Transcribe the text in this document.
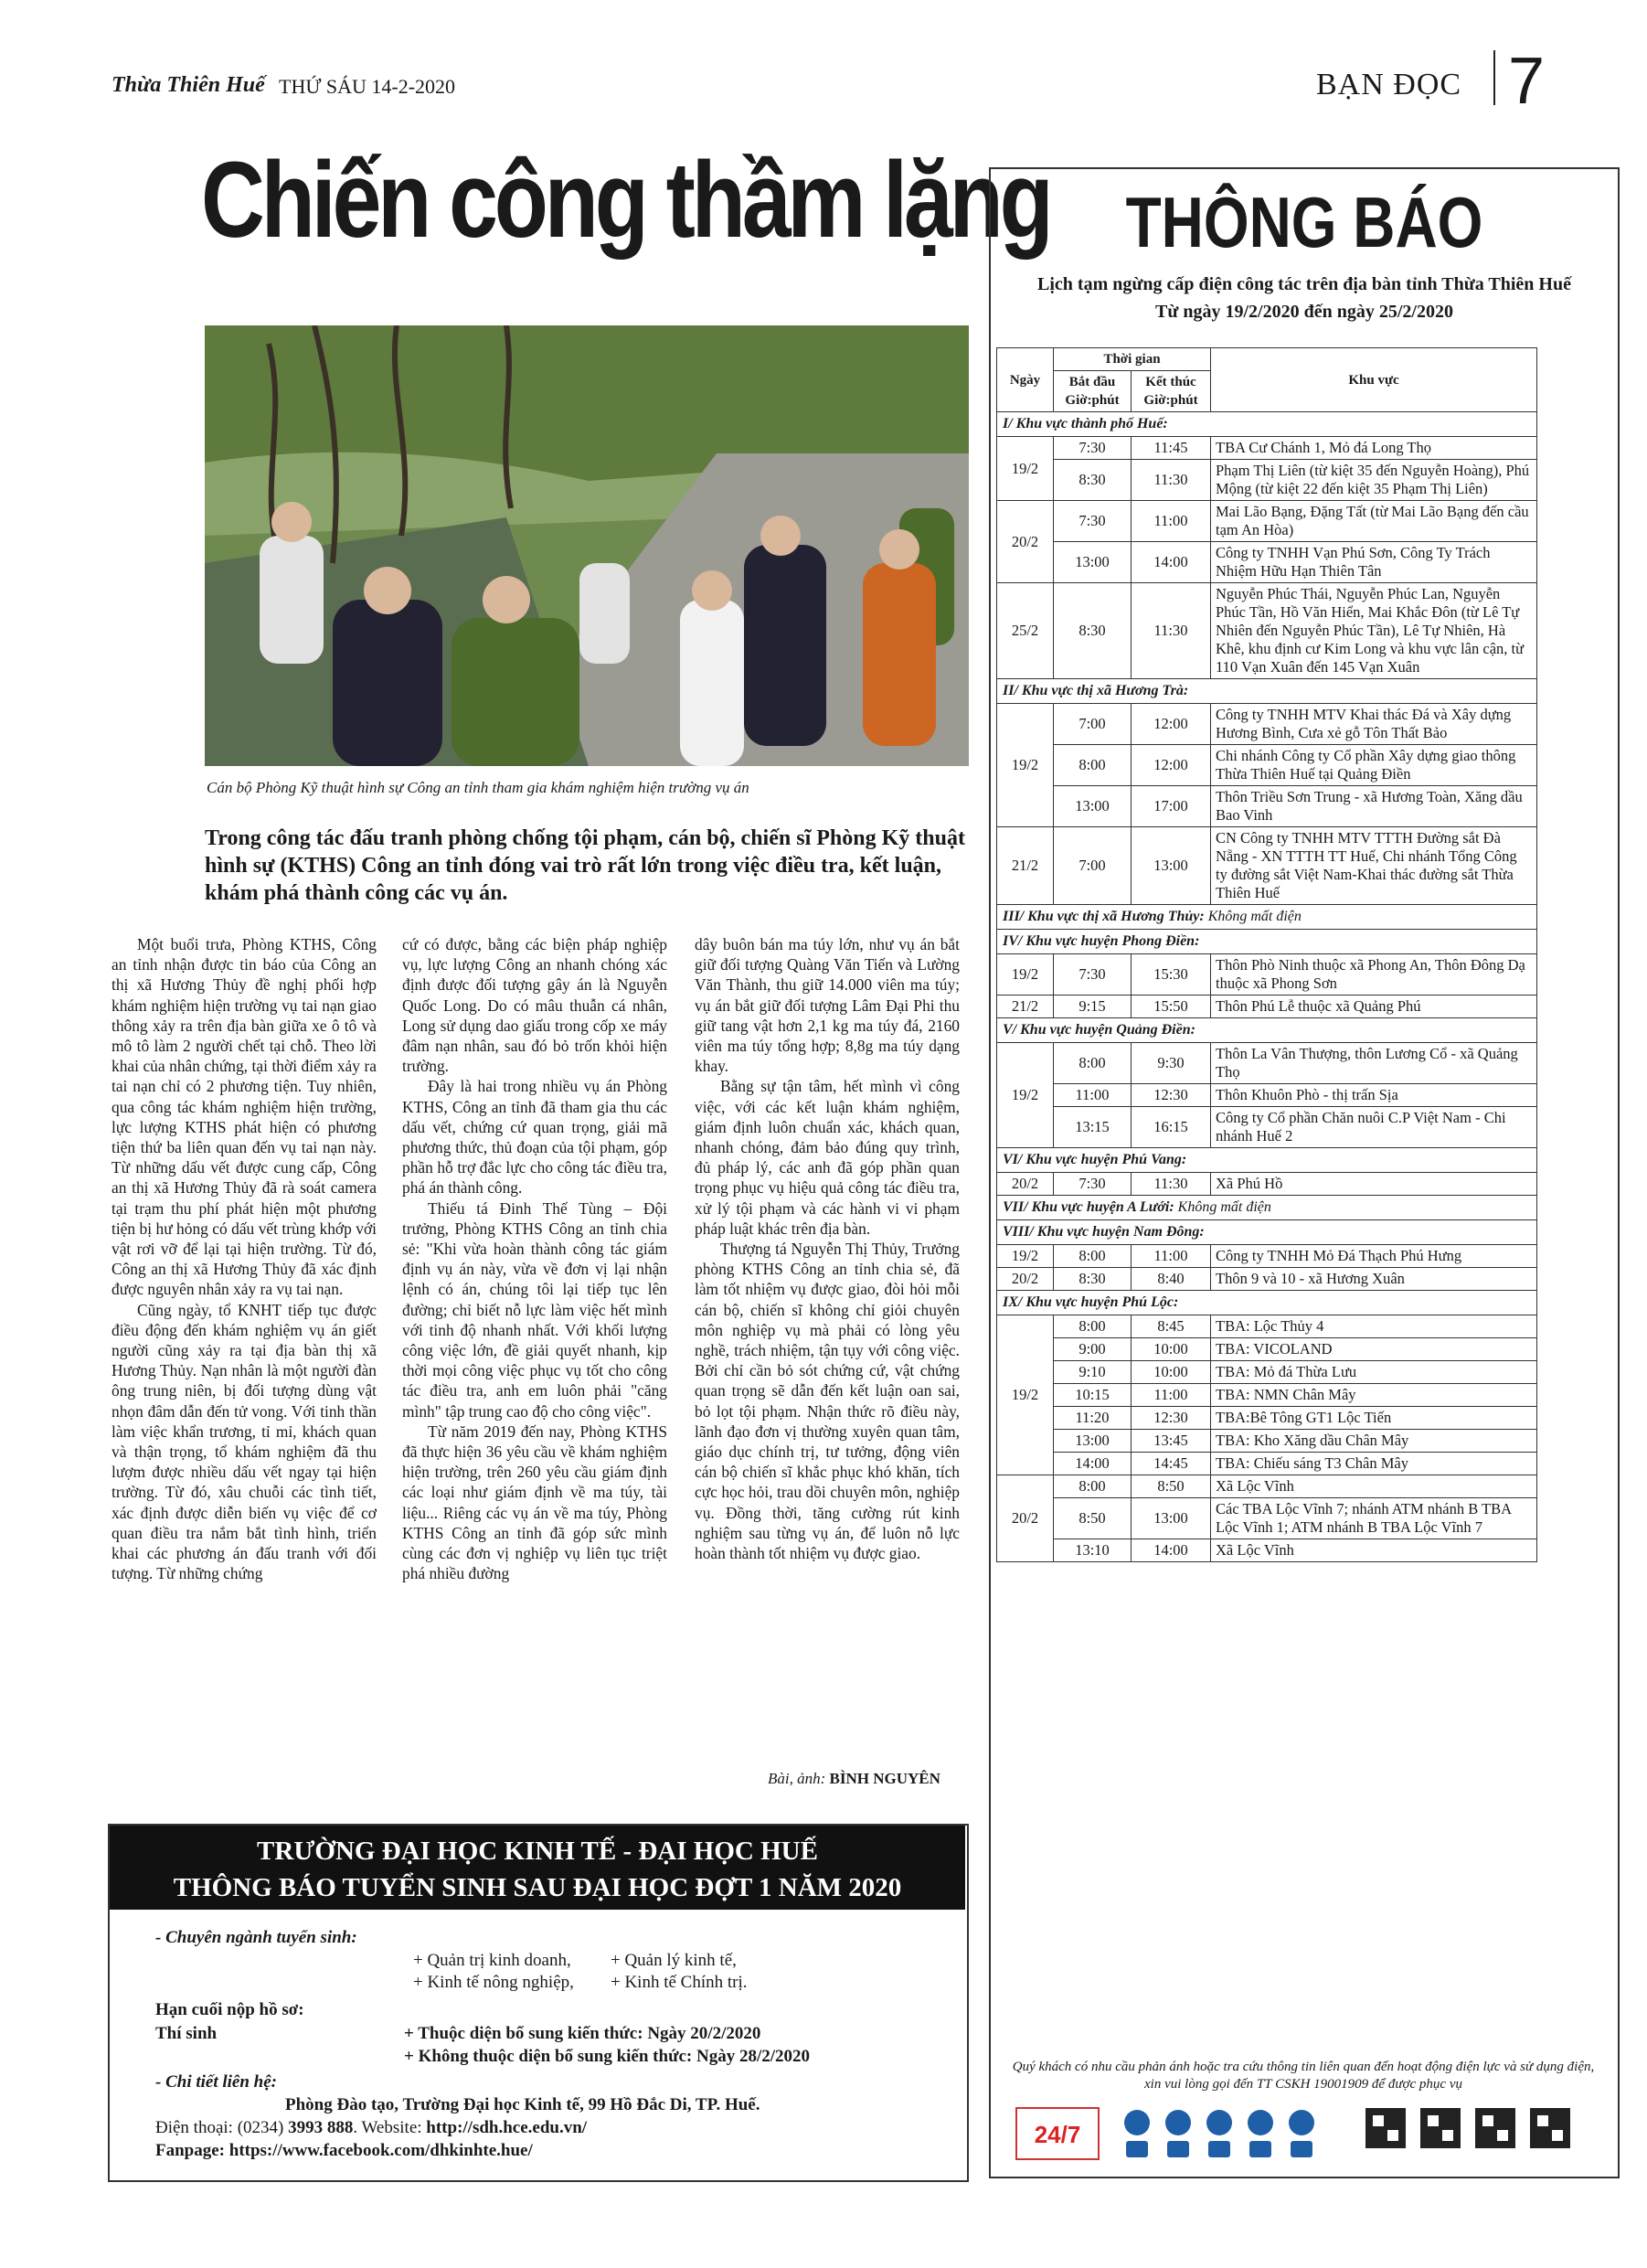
Thừa Thiên Huế THỨ SÁU 14-2-2020	BẠN ĐỌC 7
Chiến công thầm lặng
Cán bộ Phòng Kỹ thuật hình sự Công an tỉnh tham gia khám nghiệm hiện trường vụ án
Trong công tác đấu tranh phòng chống tội phạm, cán bộ, chiến sĩ Phòng Kỹ thuật hình sự (KTHS) Công an tỉnh đóng vai trò rất lớn trong việc điều tra, kết luận, khám phá thành công các vụ án.

Một buổi trưa, Phòng KTHS, Công an tỉnh nhận được tin báo của Công an thị xã Hương Thủy đề nghị phối hợp khám nghiệm hiện trường vụ tai nạn giao thông xảy ra trên địa bàn giữa xe ô tô và mô tô làm 2 người chết tại chỗ. Theo lời khai của nhân chứng, tại thời điểm xảy ra tai nạn chỉ có 2 phương tiện. Tuy nhiên, qua công tác khám nghiệm hiện trường, lực lượng KTHS phát hiện có phương tiện thứ ba liên quan đến vụ tai nạn này. Từ những dấu vết được cung cấp, Công an thị xã Hương Thủy đã rà soát camera tại trạm thu phí phát hiện một phương tiện bị hư hỏng có dấu vết trùng khớp với vật rơi vỡ để lại tại hiện trường. Từ đó, Công an thị xã Hương Thủy đã xác định được nguyên nhân xảy ra vụ tai nạn.

Cũng ngày, tổ KNHT tiếp tục được điều động đến khám nghiệm vụ án giết người cũng xảy ra tại địa bàn thị xã Hương Thủy. Nạn nhân là một người đàn ông trung niên, bị đối tượng dùng vật nhọn đâm dẫn đến tử vong. Với tinh thần làm việc khẩn trương, tỉ mỉ, khách quan và thận trọng, tổ khám nghiệm đã thu lượm được nhiều dấu vết ngay tại hiện trường. Từ đó, xâu chuỗi các tình tiết, xác định được diễn biến vụ việc để cơ quan điều tra nắm bắt tình hình, triển khai các phương án đấu tranh với đối tượng. Từ những chứng

cứ có được, bằng các biện pháp nghiệp vụ, lực lượng Công an nhanh chóng xác định được đối tượng gây án là Nguyễn Quốc Long. Do có mâu thuẫn cá nhân, Long sử dụng dao giấu trong cốp xe máy đâm nạn nhân, sau đó bỏ trốn khỏi hiện trường.

Đây là hai trong nhiều vụ án Phòng KTHS, Công an tỉnh đã tham gia thu các dấu vết, chứng cứ quan trọng, giải mã phương thức, thủ đoạn của tội phạm, góp phần hỗ trợ đắc lực cho công tác điều tra, phá án thành công.

Thiếu tá Đinh Thế Tùng – Đội trưởng, Phòng KTHS Công an tỉnh chia sẻ: "Khi vừa hoàn thành công tác giám định vụ án này, vừa về đơn vị lại nhận lệnh có án, chúng tôi lại tiếp tục lên đường; chỉ biết nỗ lực làm việc hết mình với tinh độ nhanh nhất. Với khối lượng công việc lớn, đề giải quyết nhanh, kịp thời mọi công việc phục vụ tốt cho công tác điều tra, anh em luôn phải "căng mình" tập trung cao độ cho công việc".

Từ năm 2019 đến nay, Phòng KTHS đã thực hiện 36 yêu cầu về khám nghiệm hiện trường, trên 260 yêu cầu giám định các loại như giám định về ma túy, tài liệu... Riêng các vụ án về ma túy, Phòng KTHS Công an tỉnh đã góp sức mình cùng các đơn vị nghiệp vụ liên tục triệt phá nhiều đường

dây buôn bán ma túy lớn, như vụ án bắt giữ đối tượng Quàng Văn Tiến và Lường Văn Thành, thu giữ 14.000 viên ma túy; vụ án bắt giữ đối tượng Lâm Đại Phi thu giữ tang vật hơn 2,1 kg ma túy đá, 2160 viên ma túy tổng hợp; 8,8g ma túy dạng khay.

Bằng sự tận tâm, hết mình vì công việc, với các kết luận khám nghiệm, giám định luôn chuẩn xác, khách quan, nhanh chóng, đảm bảo đúng quy trình, đủ pháp lý, các anh đã góp phần quan trọng phục vụ hiệu quả công tác điều tra, xử lý tội phạm và các hành vi vi phạm pháp luật khác trên địa bàn.

Thượng tá Nguyễn Thị Thủy, Trưởng phòng KTHS Công an tỉnh chia sẻ, đã làm tốt nhiệm vụ được giao, đòi hỏi mỗi cán bộ, chiến sĩ không chỉ giỏi chuyên môn nghiệp vụ mà phải có lòng yêu nghề, trách nhiệm, tận tụy với công việc. Bởi chỉ cần bỏ sót chứng cứ, vật chứng quan trọng sẽ dẫn đến kết luận oan sai, bỏ lọt tội phạm. Nhận thức rõ điều này, lãnh đạo đơn vị thường xuyên quan tâm, giáo dục chính trị, tư tưởng, động viên cán bộ chiến sĩ khắc phục khó khăn, tích cực học hỏi, trau dồi chuyên môn, nghiệp vụ. Đồng thời, tăng cường rút kinh nghiệm sau từng vụ án, để luôn nỗ lực hoàn thành tốt nhiệm vụ được giao.

Bài, ảnh: BÌNH NGUYÊN
TRƯỜNG ĐẠI HỌC KINH TẾ - ĐẠI HỌC HUẾ
THÔNG BÁO TUYỂN SINH SAU ĐẠI HỌC ĐỢT 1 NĂM 2020
- Chuyên ngành tuyển sinh:
+ Quản trị kinh doanh, + Quản lý kinh tế,
+ Kinh tế nông nghiệp, + Kinh tế Chính trị.
Hạn cuối nộp hồ sơ:
Thí sinh	+ Thuộc diện bổ sung kiến thức: Ngày 20/2/2020
+ Không thuộc diện bổ sung kiến thức: Ngày 28/2/2020
- Chi tiết liên hệ:
Phòng Đào tạo, Trường Đại học Kinh tế, 99 Hồ Đắc Di, TP. Huế.
Điện thoại: (0234) 3993 888. Website: http://sdh.hce.edu.vn/
Fanpage: https://www.facebook.com/dhkinhte.hue/
THÔNG BÁO
Lịch tạm ngừng cấp điện công tác trên địa bàn tỉnh Thừa Thiên Huế
Từ ngày 19/2/2020 đến ngày 25/2/2020
Ngày	Thời gian		Khu vực
	Bắt đầu Giờ:phút	Kết thúc Giờ:phút	
I/ Khu vực thành phố Huế:			
19/2	7:30	11:45	TBA Cư Chánh 1, Mỏ đá Long Thọ
	8:30	11:30	Phạm Thị Liên (từ kiệt 35 đến Nguyễn Hoàng), Phú Mộng (từ kiệt 22 đến kiệt 35 Phạm Thị Liên)
20/2	7:30	11:00	Mai Lão Bạng, Đặng Tất (từ Mai Lão Bạng đến cầu tạm An Hòa)
	13:00	14:00	Công ty TNHH Vạn Phú Sơn, Công Ty Trách Nhiệm Hữu Hạn Thiên Tân
25/2	8:30	11:30	Nguyễn Phúc Thái, Nguyễn Phúc Lan, Nguyễn Phúc Tần, Hồ Văn Hiển, Mai Khắc Đôn (từ Lê Tự Nhiên đến Nguyễn Phúc Tần), Lê Tự Nhiên, Hà Khê, khu định cư Kim Long và khu vực lân cận, từ 110 Vạn Xuân đến 145 Vạn Xuân
II/ Khu vực thị xã Hương Trà:			
19/2	7:00	12:00	Công ty TNHH MTV Khai thác Đá và Xây dựng Hương Bình, Cưa xẻ gỗ Tôn Thất Bảo
	8:00	12:00	Chi nhánh Công ty Cổ phần Xây dựng giao thông Thừa Thiên Huế tại Quảng Điền
	13:00	17:00	Thôn Triều Sơn Trung - xã Hương Toàn, Xăng dầu Bao Vinh
21/2	7:00	13:00	CN Công ty TNHH MTV TTTH Đường sắt Đà Nẵng - XN TTTH TT Huế, Chi nhánh Tổng Công ty đường sắt Việt Nam-Khai thác đường sắt Thừa Thiên Huế
III/ Khu vực thị xã Hương Thủy: Không mất điện			
IV/ Khu vực huyện Phong Điền:			
19/2	7:30	15:30	Thôn Phò Ninh thuộc xã Phong An, Thôn Đông Dạ thuộc xã Phong Sơn
21/2	9:15	15:50	Thôn Phú Lễ thuộc xã Quảng Phú
V/ Khu vực huyện Quảng Điền:			
19/2	8:00	9:30	Thôn La Vân Thượng, thôn Lương Cổ - xã Quảng Thọ
	11:00	12:30	Thôn Khuôn Phò - thị trấn Sịa
	13:15	16:15	Công ty Cổ phần Chăn nuôi C.P Việt Nam - Chi nhánh Huế 2
VI/ Khu vực huyện Phú Vang:			
20/2	7:30	11:30	Xã Phú Hồ
VII/ Khu vực huyện A Lưới: Không mất điện			
VIII/ Khu vực huyện Nam Đông:			
19/2	8:00	11:00	Công ty TNHH Mỏ Đá Thạch Phú Hưng
20/2	8:30	8:40	Thôn 9 và 10 - xã Hương Xuân
IX/ Khu vực huyện Phú Lộc:			
19/2	8:00	8:45	TBA: Lộc Thủy 4
	9:00	10:00	TBA: VICOLAND
	9:10	10:00	TBA: Mỏ đá Thừa Lưu
	10:15	11:00	TBA: NMN Chân Mây
	11:20	12:30	TBA:Bê Tông GT1 Lộc Tiến
	13:00	13:45	TBA: Kho Xăng dầu Chân Mây
	14:00	14:45	TBA: Chiếu sáng T3 Chân Mây
20/2	8:00	8:50	Xã Lộc Vĩnh
	8:50	13:00	Các TBA Lộc Vĩnh 7; nhánh ATM nhánh B TBA Lộc Vĩnh 1; ATM nhánh B TBA Lộc Vĩnh 7
	13:10	14:00	Xã Lộc Vĩnh
Quý khách có nhu cầu phản ánh hoặc tra cứu thông tin liên quan đến hoạt động điện lực và sử dụng điện, xin vui lòng gọi đến TT CSKH 19001909 để được phục vụ
24/7
